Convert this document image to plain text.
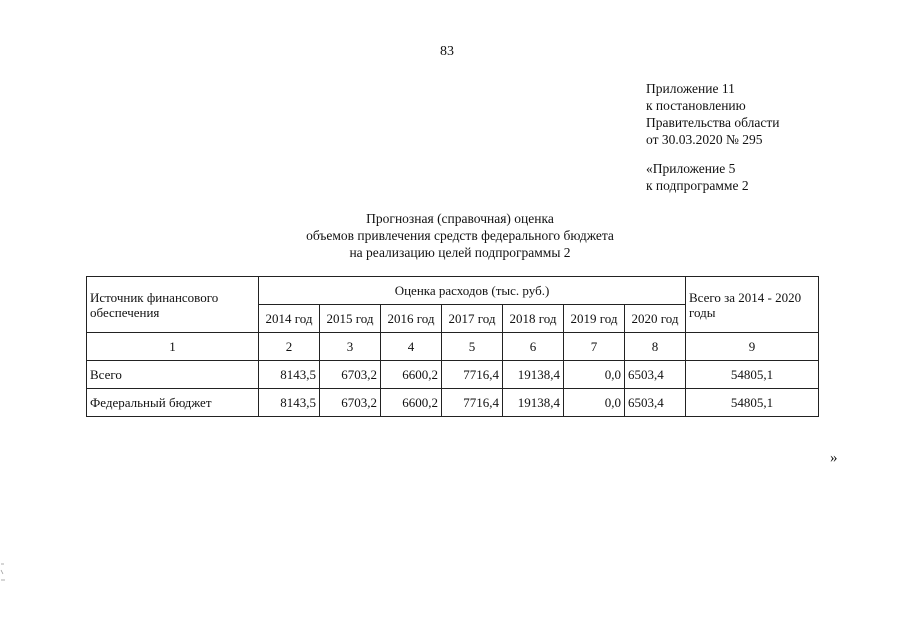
83
Приложение 11
к постановлению
Правительства области
от 30.03.2020 № 295
«Приложение 5
к подпрограмме 2
Прогнозная (справочная) оценка
объемов привлечения средств федерального бюджета
на реализацию целей подпрограммы 2
Источник финансового обеспечения	Оценка расходов (тыс. руб.)							Всего за 2014 - 2020 годы
	2014 год	2015 год	2016 год	2017 год	2018 год	2019 год	2020 год	
1	2	3	4	5	6	7	8	9
Всего	8143,5	6703,2	6600,2	7716,4	19138,4	0,0	6503,4	54805,1
Федеральный бюджет	8143,5	6703,2	6600,2	7716,4	19138,4	0,0	6503,4	54805,1
»
